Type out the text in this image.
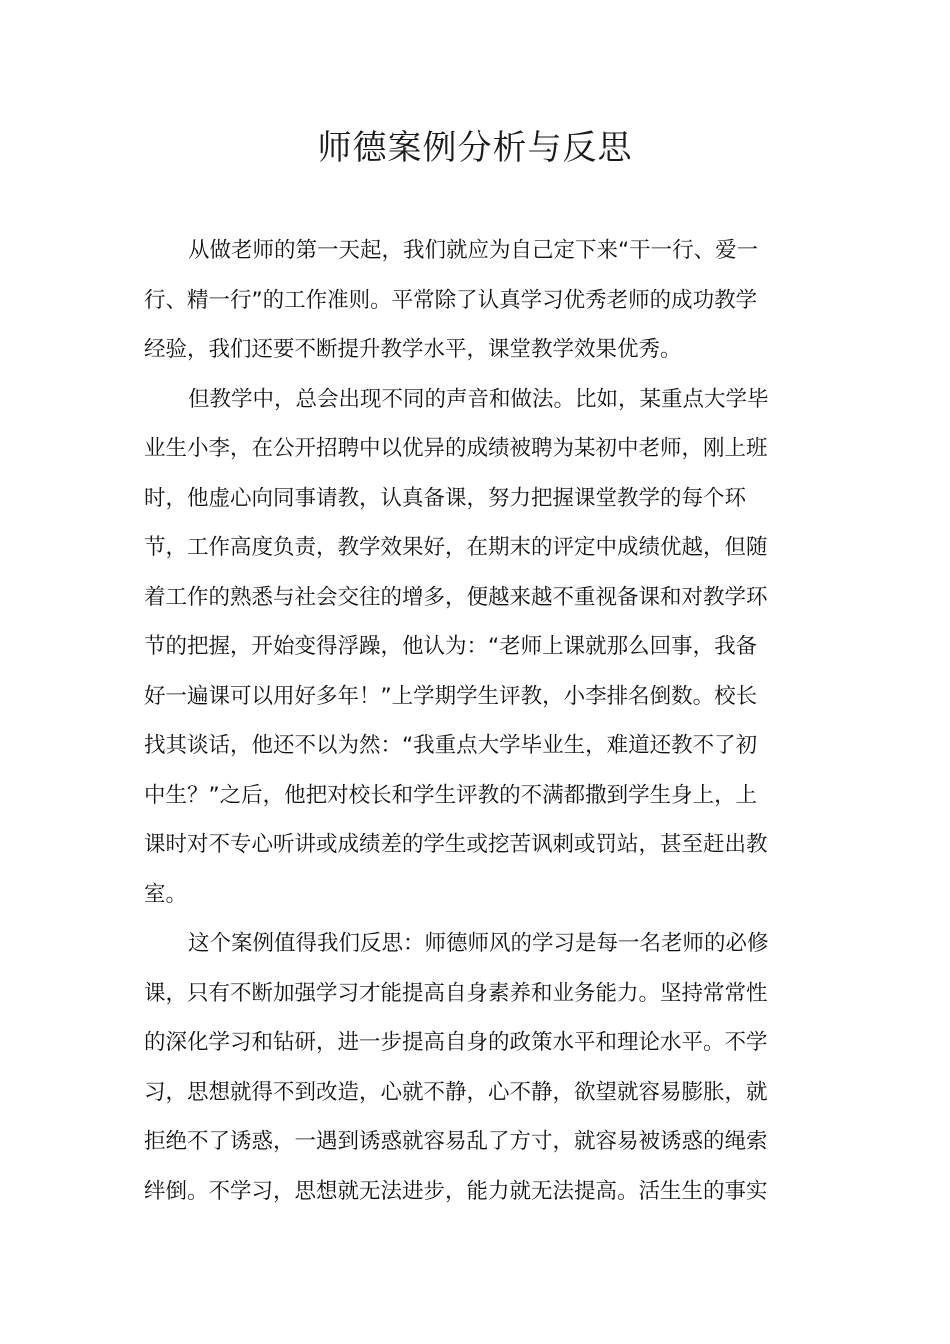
师德案例分析与反思

从做老师的第一天起，我们就应为自己定下来“干一行、爱一
行、精一行”的工作准则。平常除了认真学习优秀老师的成功教学
经验，我们还要不断提升教学水平，课堂教学效果优秀。

但教学中，总会出现不同的声音和做法。比如，某重点大学毕
业生小李，在公开招聘中以优异的成绩被聘为某初中老师，刚上班
时，他虚心向同事请教，认真备课，努力把握课堂教学的每个环
节，工作高度负责，教学效果好，在期末的评定中成绩优越，但随
着工作的熟悉与社会交往的增多，便越来越不重视备课和对教学环
节的把握，开始变得浮躁，他认为：“老师上课就那么回事，我备
好一遍课可以用好多年！”上学期学生评教，小李排名倒数。校长
找其谈话，他还不以为然：“我重点大学毕业生，难道还教不了初
中生？”之后，他把对校长和学生评教的不满都撒到学生身上，上
课时对不专心听讲或成绩差的学生或挖苦讽刺或罚站，甚至赶出教
室。

这个案例值得我们反思：师德师风的学习是每一名老师的必修
课，只有不断加强学习才能提高自身素养和业务能力。坚持常常性
的深化学习和钻研，进一步提高自身的政策水平和理论水平。不学
习，思想就得不到改造，心就不静，心不静，欲望就容易膨胀，就
拒绝不了诱惑，一遇到诱惑就容易乱了方寸，就容易被诱惑的绳索
绊倒。不学习，思想就无法进步，能力就无法提高。活生生的事实
